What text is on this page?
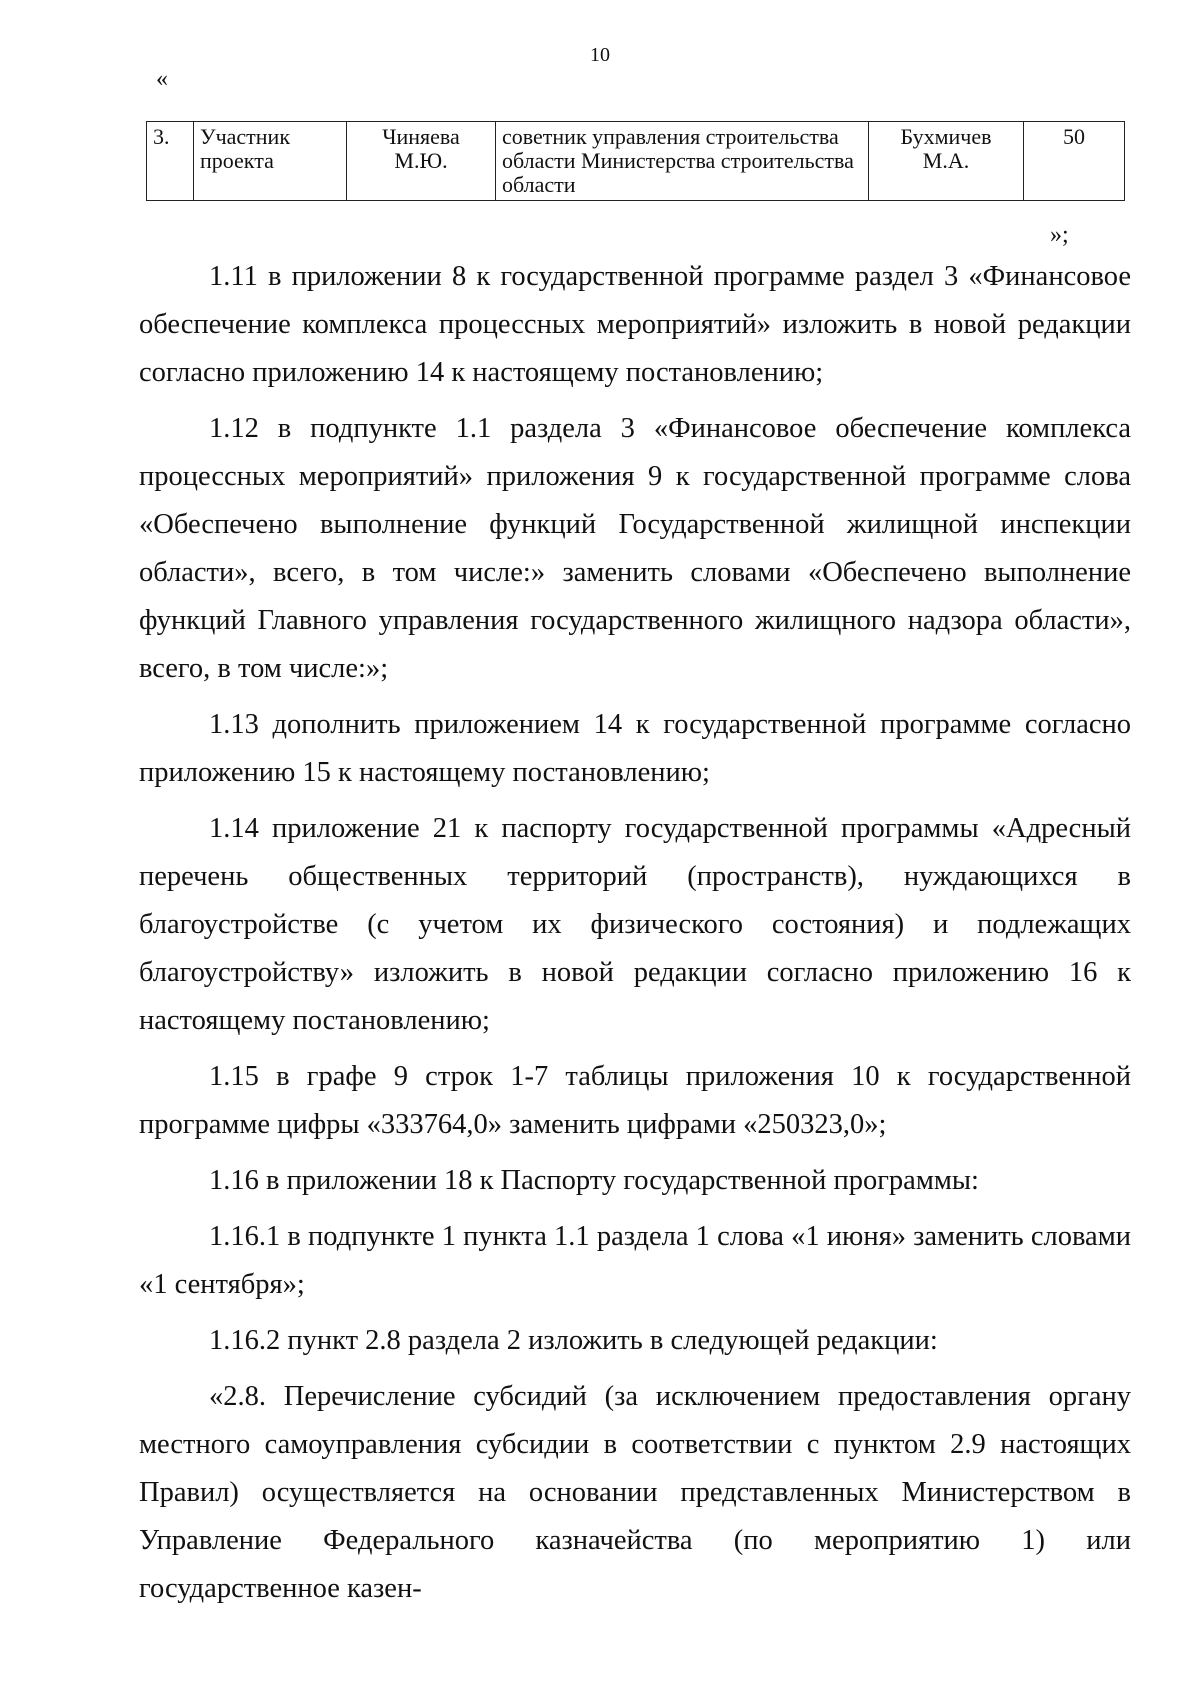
10
«
3.	Участник проекта	Чиняева М.Ю.	советник управления строительства области Министерства строительства области	Бухмичев М.А.	50
»;

1.11 в приложении 8 к государственной программе раздел 3 «Финансовое обеспечение комплекса процессных мероприятий» изложить в новой редакции согласно приложению 14 к настоящему постановлению;

1.12 в подпункте 1.1 раздела 3 «Финансовое обеспечение комплекса процессных мероприятий» приложения 9 к государственной программе слова «Обеспечено выполнение функций Государственной жилищной инспекции области», всего, в том числе:» заменить словами «Обеспечено выполнение функций Главного управления государственного жилищного надзора области», всего, в том числе:»;

1.13 дополнить приложением 14 к государственной программе согласно приложению 15 к настоящему постановлению;

1.14 приложение 21 к паспорту государственной программы «Адресный перечень общественных территорий (пространств), нуждающихся в благоустройстве (с учетом их физического состояния) и подлежащих благоустройству» изложить в новой редакции согласно приложению 16 к настоящему постановлению;

1.15 в графе 9 строк 1-7 таблицы приложения 10 к государственной программе цифры «333764,0» заменить цифрами «250323,0»;

1.16 в приложении 18 к Паспорту государственной программы:

1.16.1 в подпункте 1 пункта 1.1 раздела 1 слова «1 июня» заменить словами «1 сентября»;

1.16.2 пункт 2.8 раздела 2 изложить в следующей редакции:

«2.8. Перечисление субсидий (за исключением предоставления органу местного самоуправления субсидии в соответствии с пунктом 2.9 настоящих Правил) осуществляется на основании представленных Министерством в Управление Федерального казначейства (по мероприятию 1) или государственное казен-
